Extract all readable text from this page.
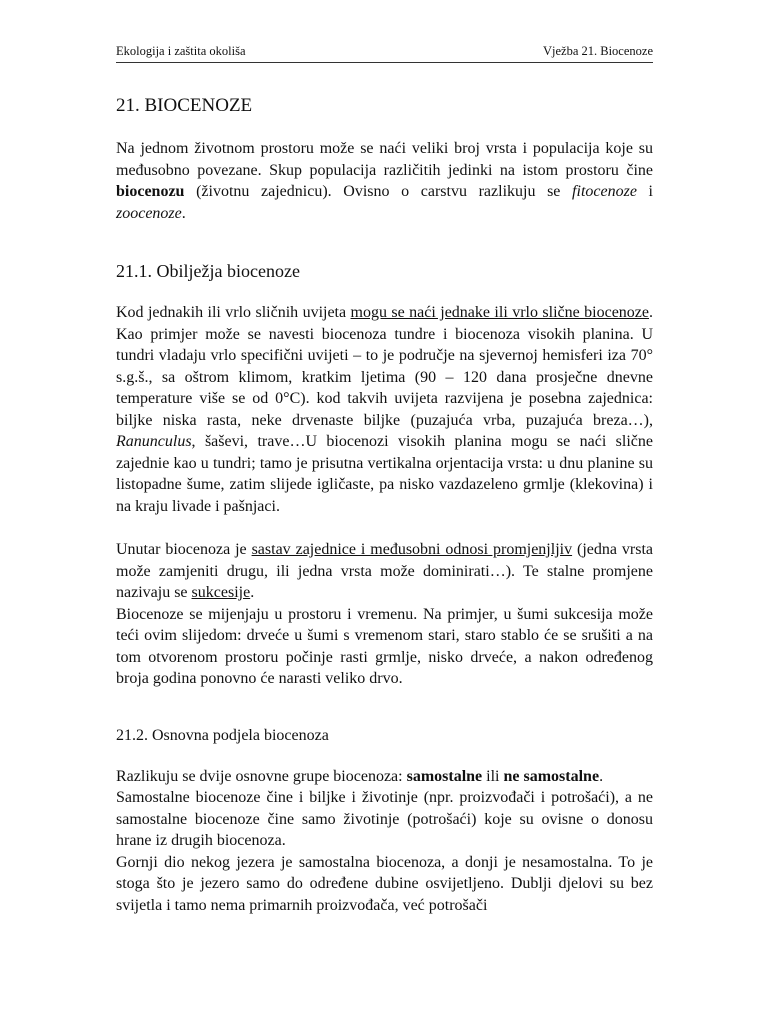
Ekologija i zaštita okoliša	Vježba 21. Biocenoze
21. BIOCENOZE

Na jednom životnom prostoru može se naći veliki broj vrsta i populacija koje su međusobno povezane. Skup populacija različitih jedinki na istom prostoru čine biocenozu (životnu zajednicu). Ovisno o carstvu razlikuju se fitocenoze i zoocenoze.

21.1. Obilježja biocenoze

Kod jednakih ili vrlo sličnih uvijeta mogu se naći jednake ili vrlo slične biocenoze. Kao primjer može se navesti biocenoza tundre i biocenoza visokih planina. U tundri vladaju vrlo specifični uvijeti – to je područje na sjevernoj hemisferi iza 70° s.g.š., sa oštrom klimom, kratkim ljetima (90 – 120 dana prosječne dnevne temperature više se od 0°C). kod takvih uvijeta razvijena je posebna zajednica: biljke niska rasta, neke drvenaste biljke (puzajuća vrba, puzajuća breza…), Ranunculus, šaševi, trave…U biocenozi visokih planina mogu se naći slične zajednie kao u tundri; tamo je prisutna vertikalna orjentacija vrsta: u dnu planine su listopadne šume, zatim slijede igličaste, pa nisko vazdazeleno grmlje (klekovina) i na kraju livade i pašnjaci.

Unutar biocenoza je sastav zajednice i međusobni odnosi promjenjljiv (jedna vrsta može zamjeniti drugu, ili jedna vrsta može dominirati…). Te stalne promjene nazivaju se sukcesije.

Biocenoze se mijenjaju u prostoru i vremenu. Na primjer, u šumi sukcesija može teći ovim slijedom: drveće u šumi s vremenom stari, staro stablo će se srušiti a na tom otvorenom prostoru počinje rasti grmlje, nisko drveće, a nakon određenog broja godina ponovno će narasti veliko drvo.

21.2. Osnovna podjela biocenoza

Razlikuju se dvije osnovne grupe biocenoza: samostalne ili ne samostalne.

Samostalne biocenoze čine i biljke i životinje (npr. proizvođači i potrošaći), a ne samostalne biocenoze čine samo životinje (potrošaći) koje su ovisne o donosu hrane iz drugih biocenoza.

Gornji dio nekog jezera je samostalna biocenoza, a donji je nesamostalna. To je stoga što je jezero samo do određene dubine osvijetljeno. Dublji djelovi su bez svijetla i tamo nema primarnih proizvođača, već potrošači
